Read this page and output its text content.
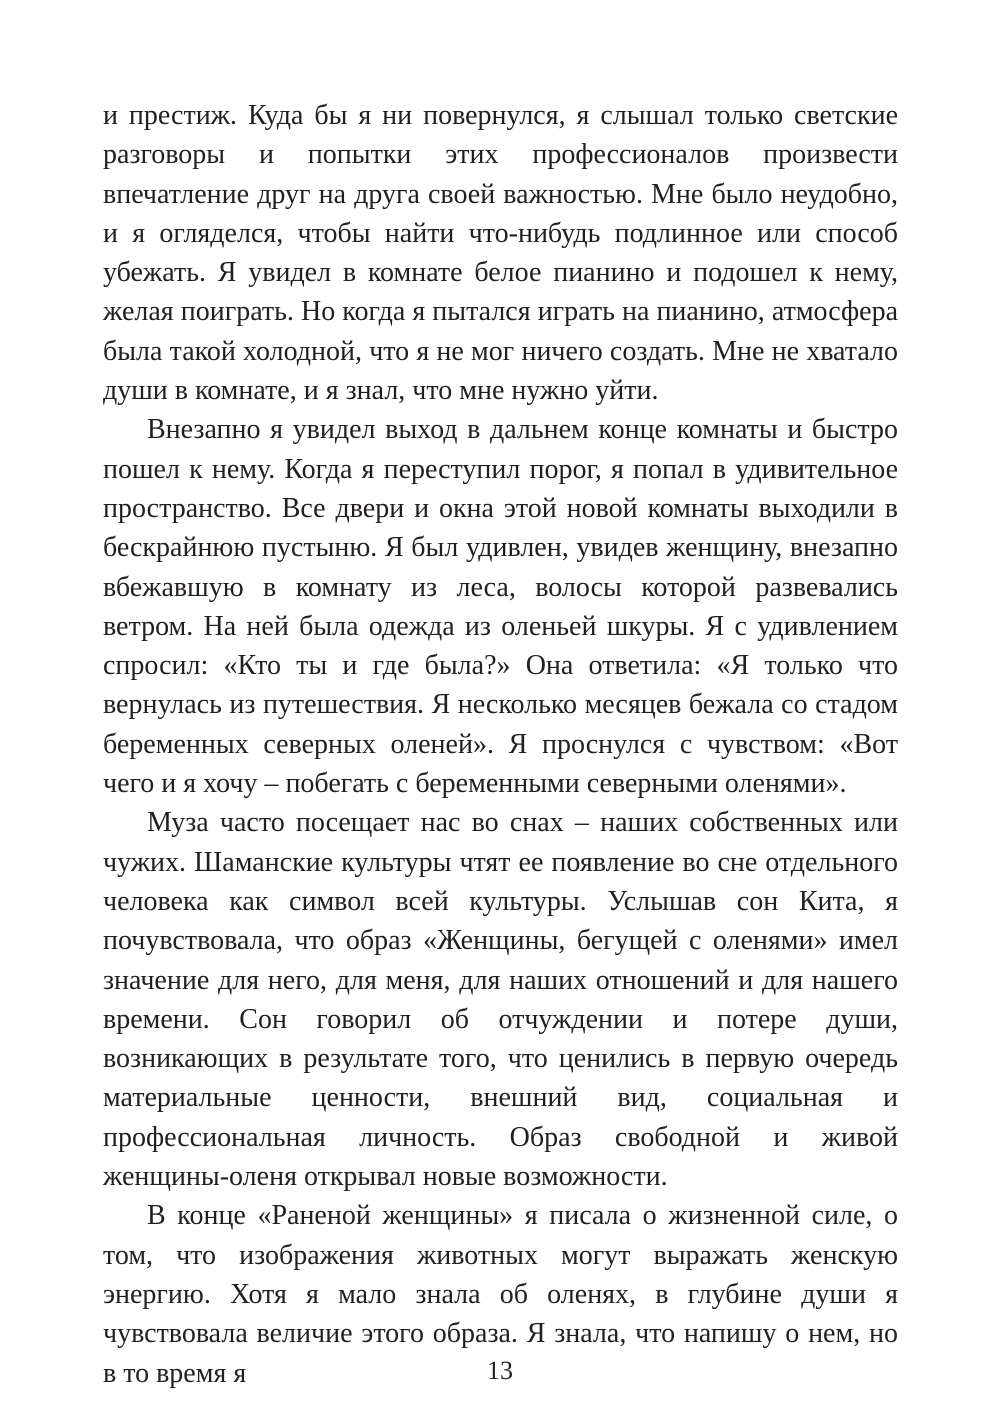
и престиж. Куда бы я ни повернулся, я слышал только светские разговоры и попытки этих профессионалов произвести впечатление друг на друга своей важностью. Мне было неудобно, и я огляделся, чтобы найти что-нибудь подлинное или способ убежать. Я увидел в комнате белое пианино и подошел к нему, желая поиграть. Но когда я пытался играть на пианино, атмосфера была такой холодной, что я не мог ничего создать. Мне не хватало души в комнате, и я знал, что мне нужно уйти.

Внезапно я увидел выход в дальнем конце комнаты и быстро пошел к нему. Когда я переступил порог, я попал в удивительное пространство. Все двери и окна этой новой комнаты выходили в бескрайнюю пустыню. Я был удивлен, увидев женщину, внезапно вбежавшую в комнату из леса, волосы которой развевались ветром. На ней была одежда из оленьей шкуры. Я с удивлением спросил: «Кто ты и где была?» Она ответила: «Я только что вернулась из путешествия. Я несколько месяцев бежала со стадом беременных северных оленей». Я проснулся с чувством: «Вот чего и я хочу – побегать с беременными северными оленями».

Муза часто посещает нас во снах – наших собственных или чужих. Шаманские культуры чтят ее появление во сне отдельного человека как символ всей культуры. Услышав сон Кита, я почувствовала, что образ «Женщины, бегущей с оленями» имел значение для него, для меня, для наших отношений и для нашего времени. Сон говорил об отчуждении и потере души, возникающих в результате того, что ценились в первую очередь материальные ценности, внешний вид, социальная и профессиональная личность. Образ свободной и живой женщины-оленя открывал новые возможности.

В конце «Раненой женщины» я писала о жизненной силе, о том, что изображения животных могут выражать женскую энергию. Хотя я мало знала об оленях, в глубине души я чувствовала величие этого образа. Я знала, что напишу о нем, но в то время я	13
